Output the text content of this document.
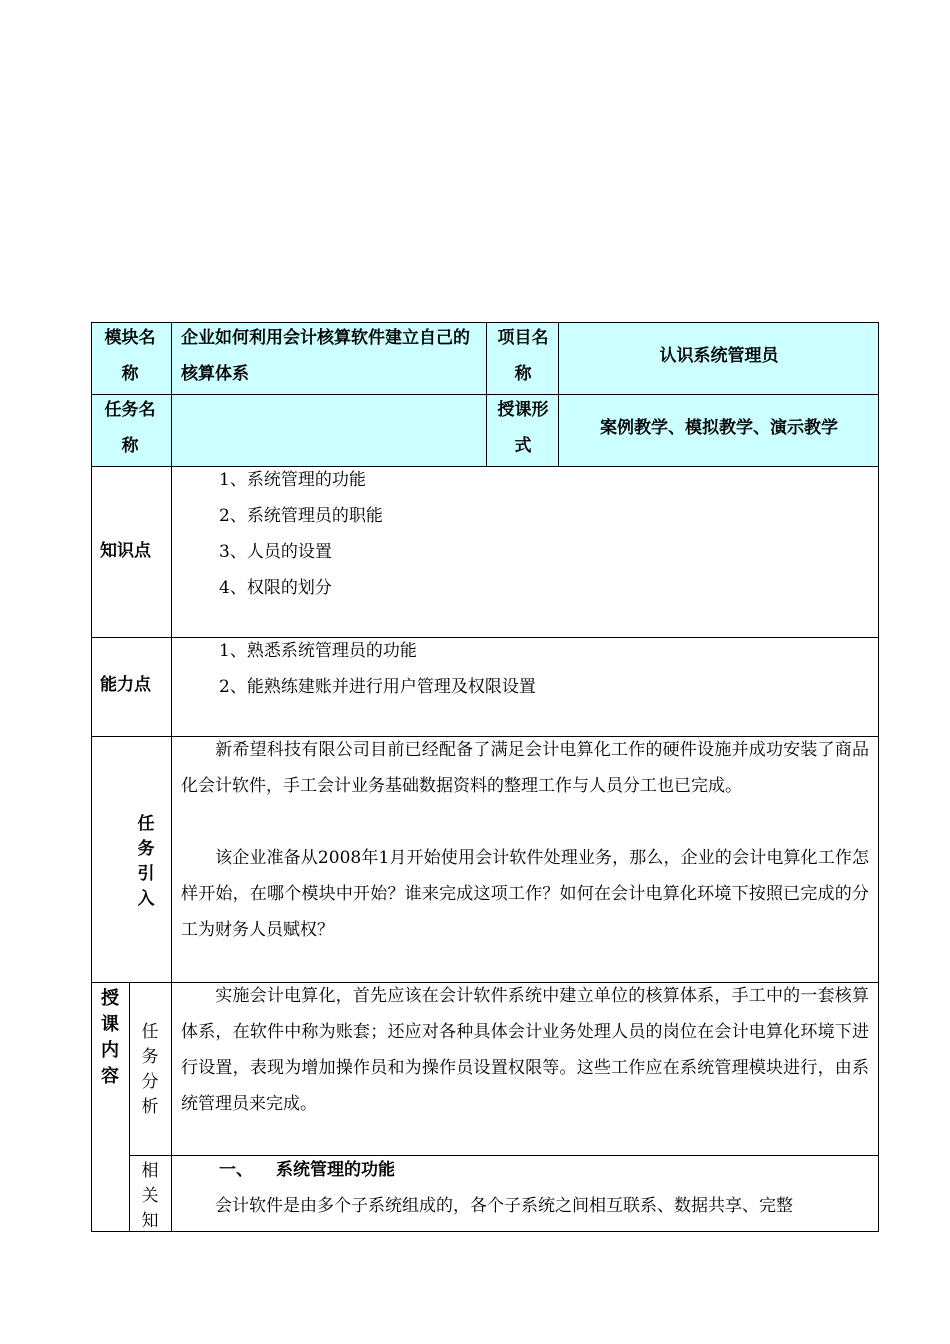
模块名称
企业如何利用会计核算软件建立自己的核算体系
项目名称
认识系统管理员
任务名称
授课形式
案例教学、模拟教学、演示教学
知识点
1、系统管理的功能
2、系统管理员的职能
3、人员的设置
4、权限的划分
能力点
1、熟悉系统管理员的功能
2、能熟练建账并进行用户管理及权限设置
任务引入
新希望科技有限公司目前已经配备了满足会计电算化工作的硬件设施并成功安装了商品化会计软件，手工会计业务基础数据资料的整理工作与人员分工也已完成。
该企业准备从2008年1月开始使用会计软件处理业务，那么，企业的会计电算化工作怎样开始，在哪个模块中开始？谁来完成这项工作？如何在会计电算化环境下按照已完成的分工为财务人员赋权？
授课内容
任务分析
实施会计电算化，首先应该在会计软件系统中建立单位的核算体系，手工中的一套核算体系，在软件中称为账套；还应对各种具体会计业务处理人员的岗位在会计电算化环境下进行设置，表现为增加操作员和为操作员设置权限等。这些工作应在系统管理模块进行，由系统管理员来完成。
相关知
一、 系统管理的功能
会计软件是由多个子系统组成的，各个子系统之间相互联系、数据共享、完整
